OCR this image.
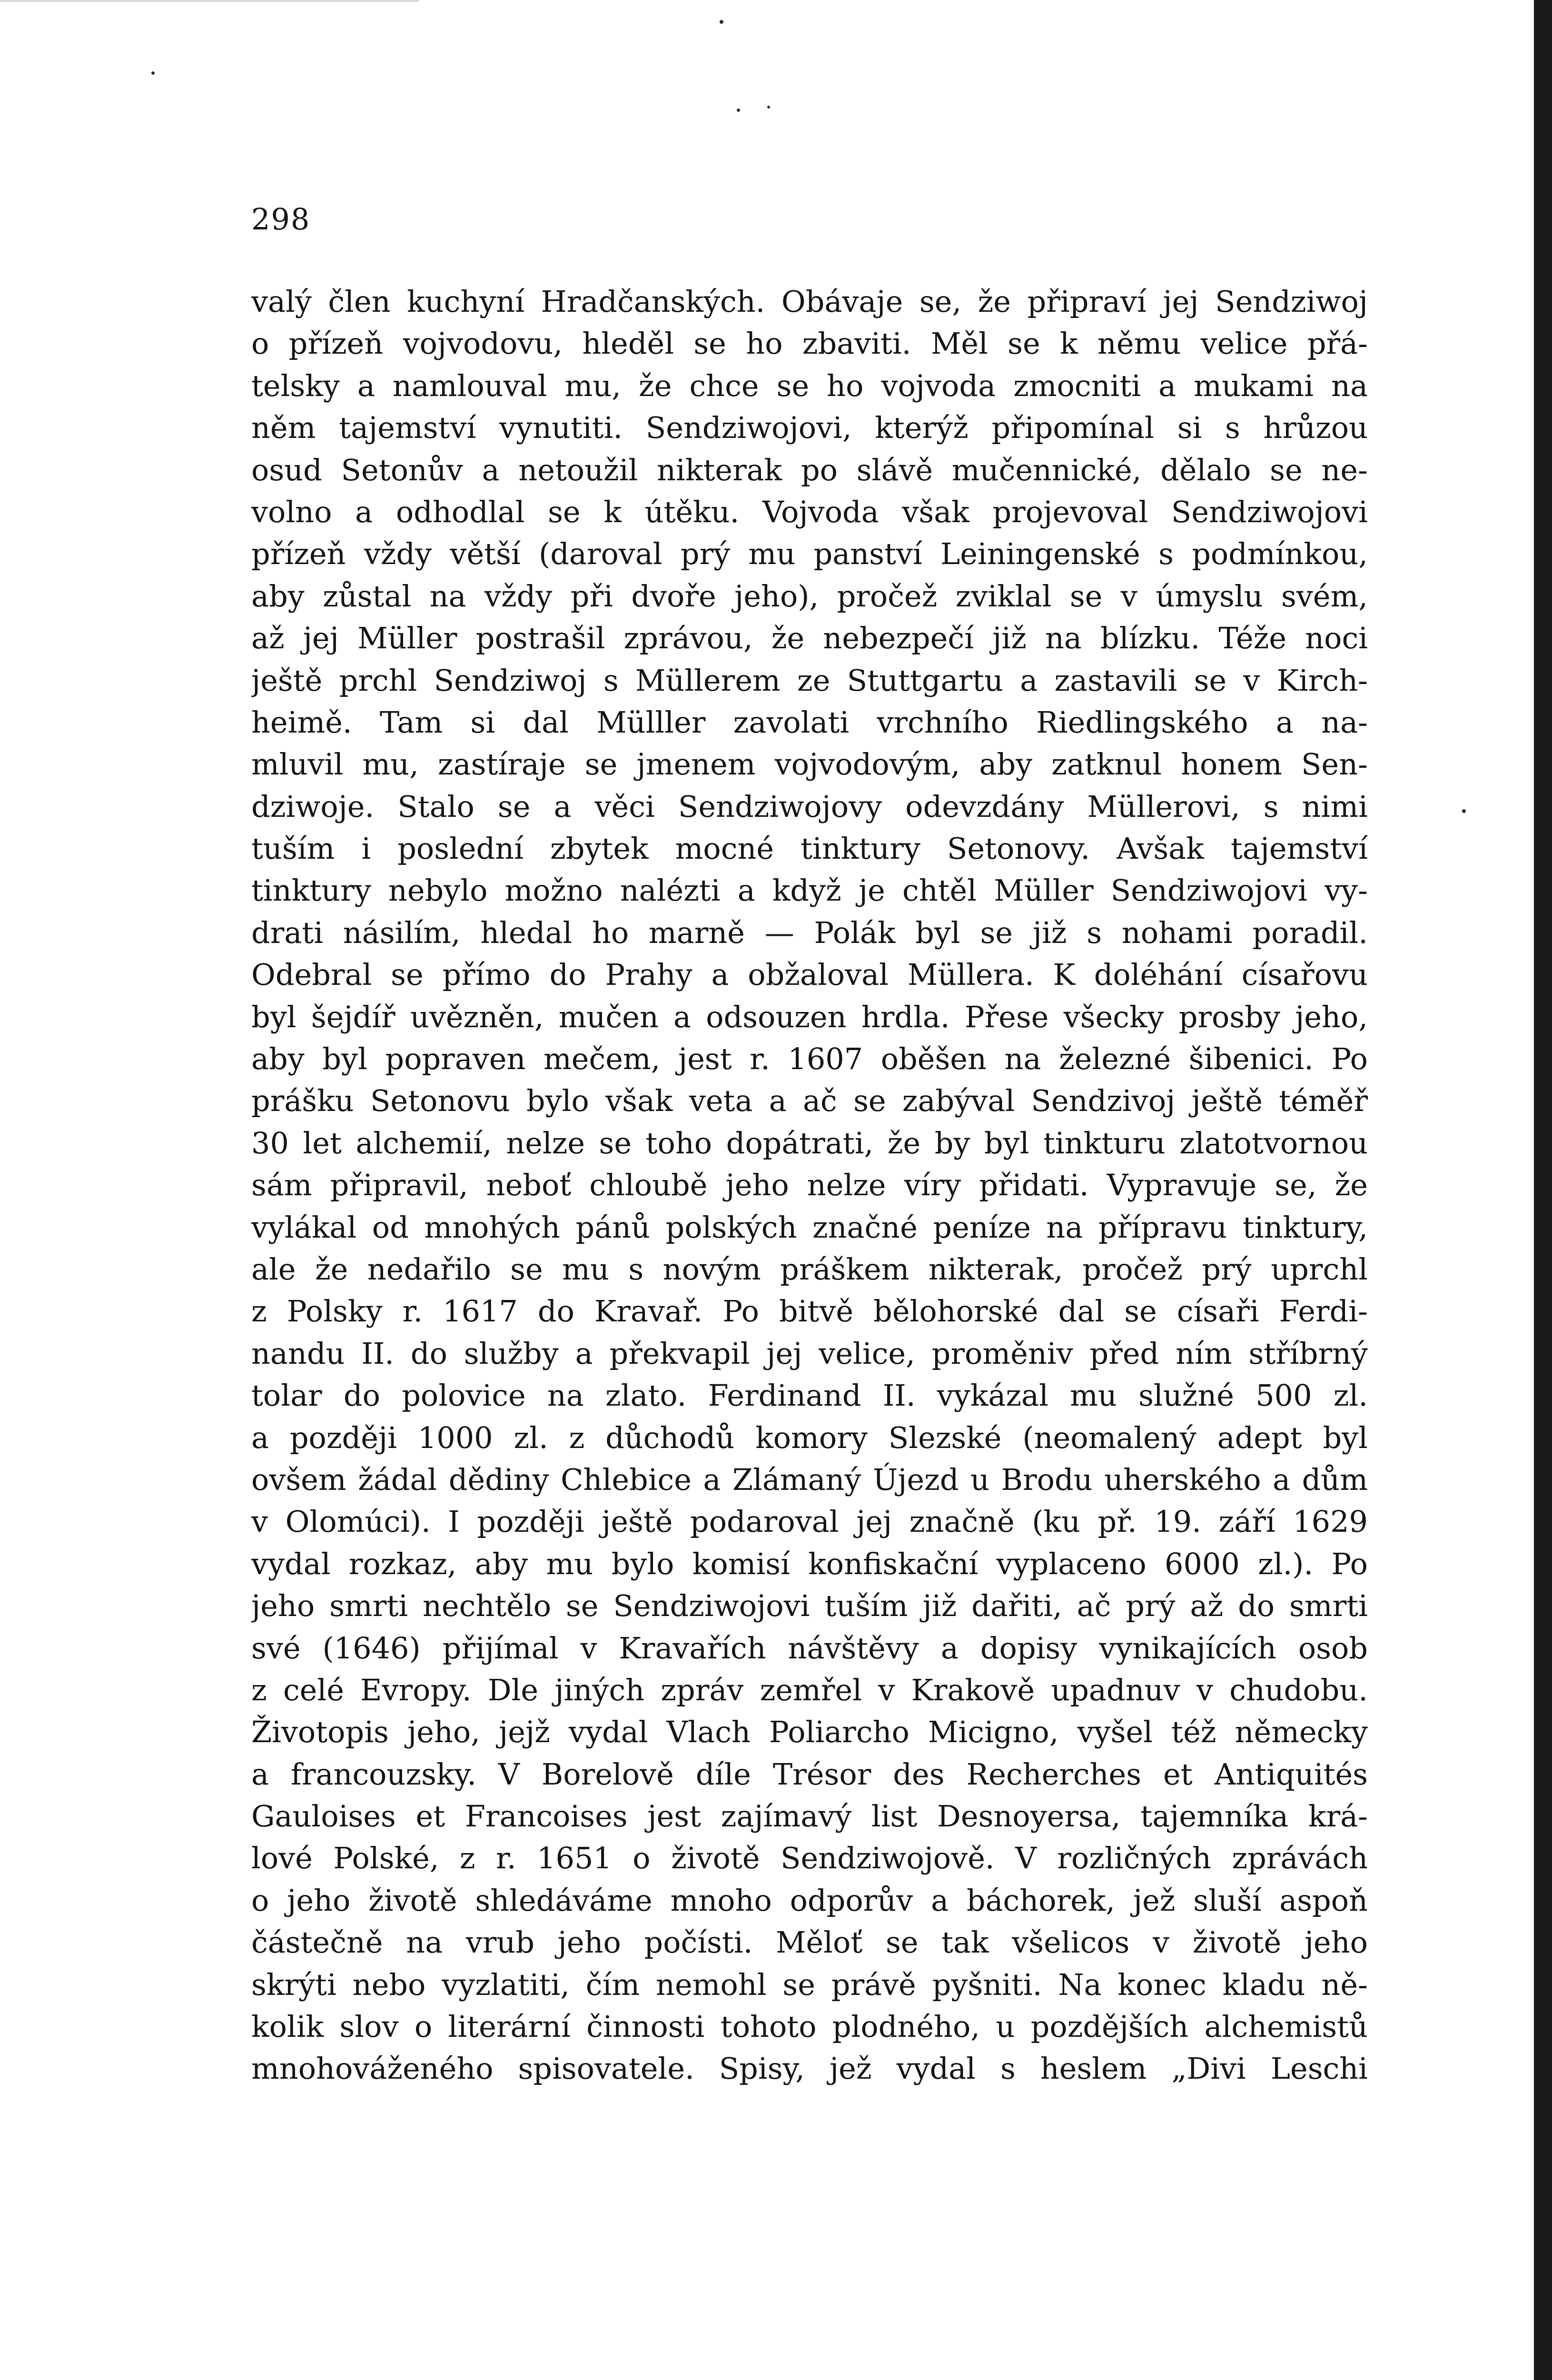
298
valý člen kuchyní Hradčanských. Obávaje se, že připraví jej Sendziwoj
o přízeň vojvodovu, hleděl se ho zbaviti. Měl se k němu velice přá-
telsky a namlouval mu, že chce se ho vojvoda zmocniti a mukami na
něm tajemství vynutiti. Sendziwojovi, kterýž připomínal si s hrůzou
osud Setonův a netoužil nikterak po slávě mučennické, dělalo se ne-
volno a odhodlal se k útěku. Vojvoda však projevoval Sendziwojovi
přízeň vždy větší (daroval prý mu panství Leiningenské s podmínkou,
aby zůstal na vždy při dvoře jeho), pročež zviklal se v úmyslu svém,
až jej Müller postrašil zprávou, že nebezpečí již na blízku. Téže noci
ještě prchl Sendziwoj s Müllerem ze Stuttgartu a zastavili se v Kirch-
heimě. Tam si dal Mülller zavolati vrchního Riedlingského a na-
mluvil mu, zastíraje se jmenem vojvodovým, aby zatknul honem Sen-
dziwoje. Stalo se a věci Sendziwojovy odevzdány Müllerovi, s nimi
tuším i poslední zbytek mocné tinktury Setonovy. Avšak tajemství
tinktury nebylo možno nalézti a když je chtěl Müller Sendziwojovi vy-
drati násilím, hledal ho marně — Polák byl se již s nohami poradil.
Odebral se přímo do Prahy a obžaloval Müllera. K doléhání císařovu
byl šejdíř uvězněn, mučen a odsouzen hrdla. Přese všecky prosby jeho,
aby byl popraven mečem, jest r. 1607 oběšen na železné šibenici. Po
prášku Setonovu bylo však veta a ač se zabýval Sendzivoj ještě téměř
30 let alchemií, nelze se toho dopátrati, že by byl tinkturu zlatotvornou
sám připravil, neboť chloubě jeho nelze víry přidati. Vypravuje se, že
vylákal od mnohých pánů polských značné peníze na přípravu tinktury,
ale že nedařilo se mu s novým práškem nikterak, pročež prý uprchl
z Polsky r. 1617 do Kravař. Po bitvě bělohorské dal se císaři Ferdi-
nandu II. do služby a překvapil jej velice, proměniv před ním stříbrný
tolar do polovice na zlato. Ferdinand II. vykázal mu služné 500 zl.
a později 1000 zl. z důchodů komory Slezské (neomalený adept byl
ovšem žádal dědiny Chlebice a Zlámaný Újezd u Brodu uherského a dům
v Olomúci). I později ještě podaroval jej značně (ku př. 19. září 1629
vydal rozkaz, aby mu bylo komisí konfiskační vyplaceno 6000 zl.). Po
jeho smrti nechtělo se Sendziwojovi tuším již dařiti, ač prý až do smrti
své (1646) přijímal v Kravařích návštěvy a dopisy vynikajících osob
z celé Evropy. Dle jiných zpráv zemřel v Krakově upadnuv v chudobu.
Životopis jeho, jejž vydal Vlach Poliarcho Micigno, vyšel též německy
a francouzsky. V Borelově díle Trésor des Recherches et Antiquités
Gauloises et Francoises jest zajímavý list Desnoyersa, tajemníka krá-
lové Polské, z r. 1651 o životě Sendziwojově. V rozličných zprávách
o jeho životě shledáváme mnoho odporův a báchorek, jež sluší aspoň
částečně na vrub jeho počísti. Měloť se tak všelicos v životě jeho
skrýti nebo vyzlatiti, čím nemohl se právě pyšniti. Na konec kladu ně-
kolik slov o literární činnosti tohoto plodného, u pozdějších alchemistů
mnohováženého spisovatele. Spisy, jež vydal s heslem „Divi Leschi
